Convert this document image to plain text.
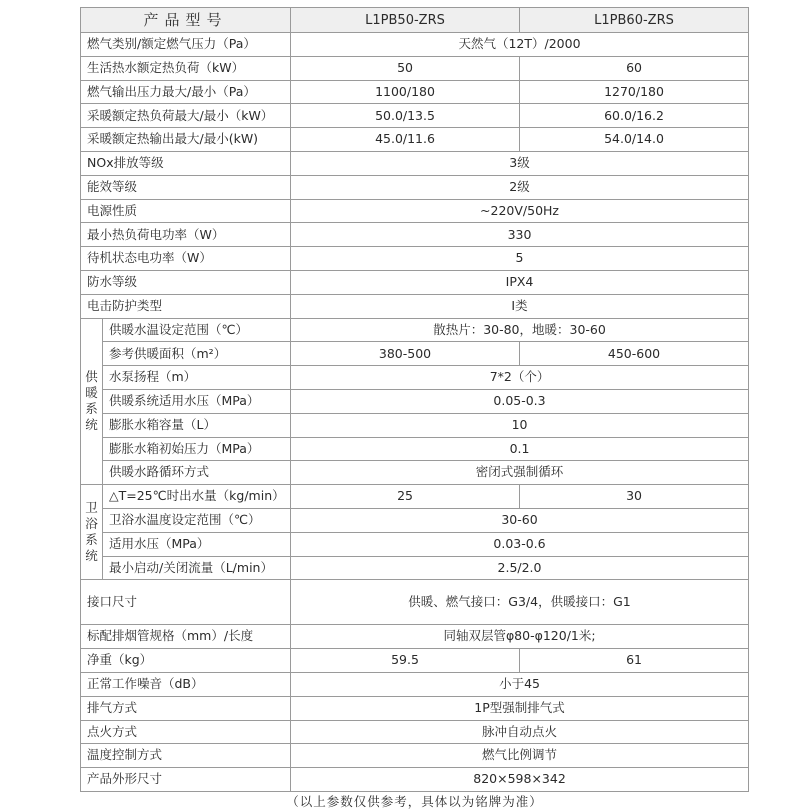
产品型号		L1PB50-ZRS	L1PB60-ZRS
燃气类别/额定燃气压力（Pa）		天然气（12T）/2000	
生活热水额定热负荷（kW）		50	60
燃气输出压力最大/最小（Pa）		1100/180	1270/180
采暖额定热负荷最大/最小（kW）		50.0/13.5	60.0/16.2
采暖额定热输出最大/最小(kW)		45.0/11.6	54.0/14.0
NOx排放等级		3级	
能效等级		2级	
电源性质		~220V/50Hz	
最小热负荷电功率（W）		330	
待机状态电功率（W）		5	
防水等级		IPX4	
电击防护类型		I类	
供暖系统	供暖水温设定范围（℃）	散热片：30-80，地暖：30-60	
	参考供暖面积（m²）	380-500	450-600
	水泵扬程（m）	7*2（个）	
	供暖系统适用水压（MPa）	0.05-0.3	
	膨胀水箱容量（L）	10	
	膨胀水箱初始压力（MPa）	0.1	
	供暖水路循环方式	密闭式强制循环	
卫浴系统	△T=25℃时出水量（kg/min）	25	30
	卫浴水温度设定范围（℃）	30-60	
	适用水压（MPa）	0.03-0.6	
	最小启动/关闭流量（L/min）	2.5/2.0	
接口尺寸		供暖、燃气接口：G3/4，供暖接口：G1	
标配排烟管规格（mm）/长度		同轴双层管φ80-φ120/1米;	
净重（kg）		59.5	61
正常工作噪音（dB）		小于45	
排气方式		1P型强制排气式	
点火方式		脉冲自动点火	
温度控制方式		燃气比例调节	
产品外形尺寸		820×598×342	
（以上参数仅供参考，具体以为铭牌为准）			
